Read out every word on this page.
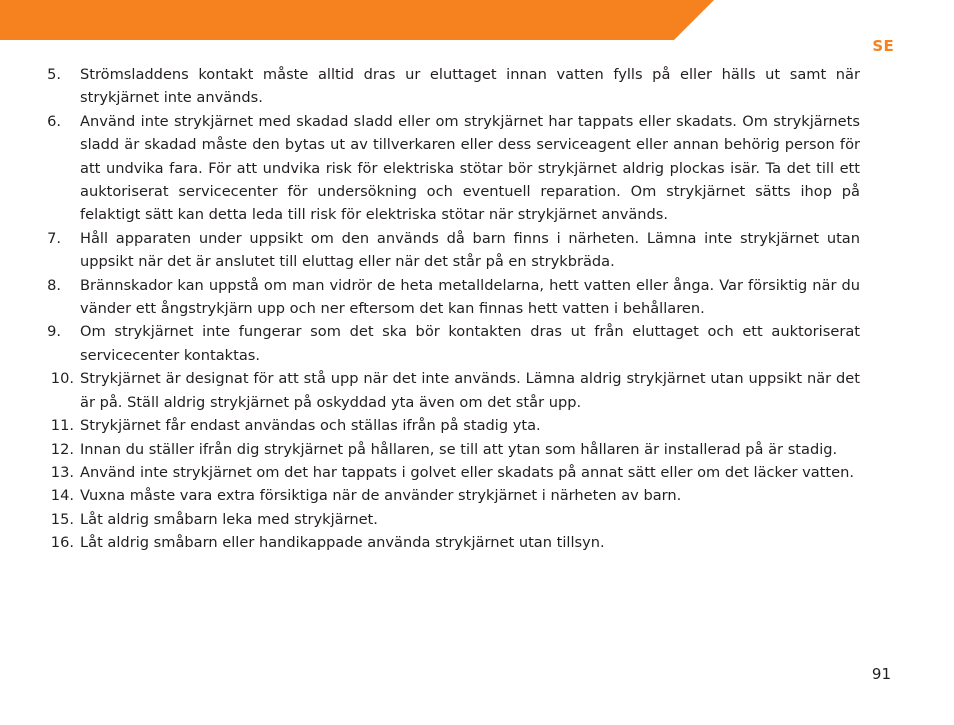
SE
5. Strömsladdens kontakt måste alltid dras ur eluttaget innan vatten fylls på eller hälls ut samt när strykjärnet inte används.
6. Använd inte strykjärnet med skadad sladd eller om strykjärnet har tappats eller skadats. Om strykjärnets sladd är skadad måste den bytas ut av tillverkaren eller dess serviceagent eller annan behörig person för att undvika fara. För att undvika risk för elektriska stötar bör strykjärnet aldrig plockas isär. Ta det till ett auktoriserat servicecenter för undersökning och eventuell reparation. Om strykjärnet sätts ihop på felaktigt sätt kan detta leda till risk för elektriska stötar när strykjärnet används.
7. Håll apparaten under uppsikt om den används då barn finns i närheten. Lämna inte strykjärnet utan uppsikt när det är anslutet till eluttag eller när det står på en strykbräda.
8. Brännskador kan uppstå om man vidrör de heta metalldelarna, hett vatten eller ånga. Var försiktig när du vänder ett ångstrykjärn upp och ner eftersom det kan finnas hett vatten i behållaren.
9. Om strykjärnet inte fungerar som det ska bör kontakten dras ut från eluttaget och ett auktoriserat servicecenter kontaktas.
10. Strykjärnet är designat för att stå upp när det inte används. Lämna aldrig strykjärnet utan uppsikt när det är på. Ställ aldrig strykjärnet på oskyddad yta även om det står upp.
11. Strykjärnet får endast användas och ställas ifrån på stadig yta.
12. Innan du ställer ifrån dig strykjärnet på hållaren, se till att ytan som hållaren är installerad på är stadig.
13. Använd inte strykjärnet om det har tappats i golvet eller skadats på annat sätt eller om det läcker vatten.
14. Vuxna måste vara extra försiktiga när de använder strykjärnet i närheten av barn.
15. Låt aldrig småbarn leka med strykjärnet.
16. Låt aldrig småbarn eller handikappade använda strykjärnet utan tillsyn.
91
